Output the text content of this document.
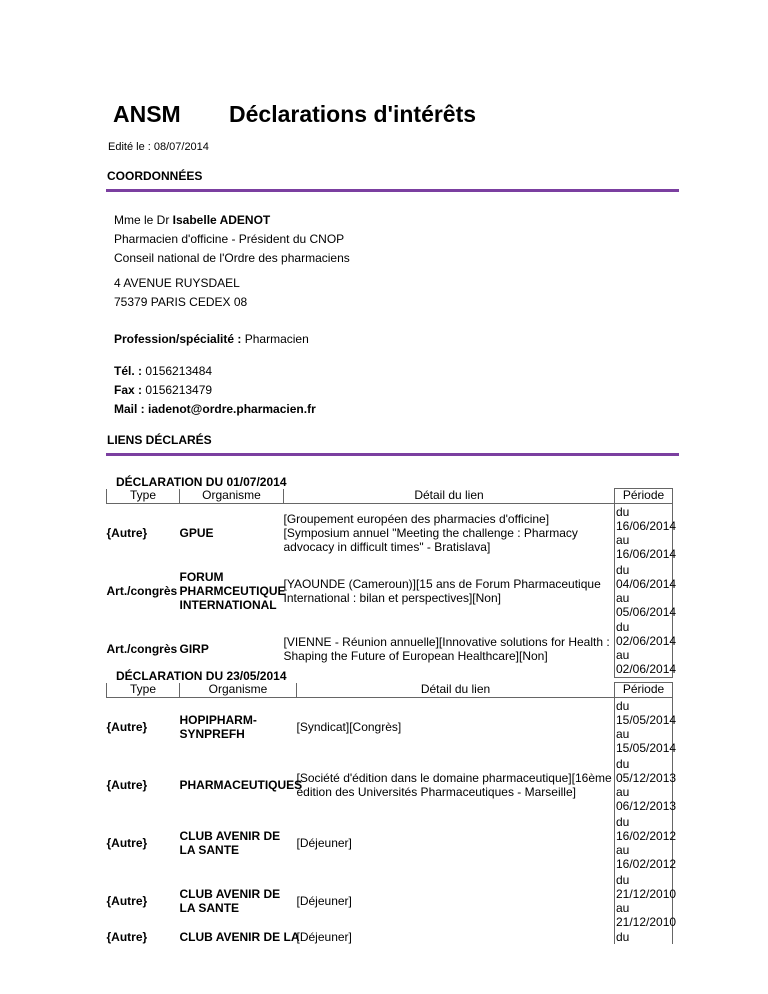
ANSM Déclarations d'intérêts
Edité le : 08/07/2014
COORDONNÉES
Mme le Dr Isabelle ADENOT
Pharmacien d'officine - Président du CNOP
Conseil national de l'Ordre des pharmaciens
4 AVENUE RUYSDAEL
75379 PARIS CEDEX 08
Profession/spécialité : Pharmacien
Tél. : 0156213484
Fax : 0156213479
Mail : iadenot@ordre.pharmacien.fr
LIENS DÉCLARÉS
DÉCLARATION DU 01/07/2014
Type	Organisme	Détail du lien	Période
{Autre}	GPUE	[Groupement européen des pharmacies d'officine][Symposium annuel "Meeting the challenge : Pharmacy advocacy in difficult times" - Bratislava]	du
16/06/2014
au
16/06/2014
Art./congrès	FORUM PHARMCEUTIQUE INTERNATIONAL	[YAOUNDE (Cameroun)][15 ans de Forum Pharmaceutique International : bilan et perspectives][Non]	du
04/06/2014
au
05/06/2014
Art./congrès	GIRP	[VIENNE - Réunion annuelle][Innovative solutions for Health : Shaping the Future of European Healthcare][Non]	du
02/06/2014
au
02/06/2014
DÉCLARATION DU 23/05/2014
Type	Organisme	Détail du lien	Période
{Autre}	HOPIPHARM-SYNPREFH	[Syndicat][Congrès]	du
15/05/2014
au
15/05/2014
{Autre}	PHARMACEUTIQUES	[Société d'édition dans le domaine pharmaceutique][16ème édition des Universités Pharmaceutiques - Marseille]	du
05/12/2013
au
06/12/2013
{Autre}	CLUB AVENIR DE LA SANTE	[Déjeuner]	du
16/02/2012
au
16/02/2012
{Autre}	CLUB AVENIR DE LA SANTE	[Déjeuner]	du
21/12/2010
au
21/12/2010
{Autre}	CLUB AVENIR DE LA	[Déjeuner]	du
